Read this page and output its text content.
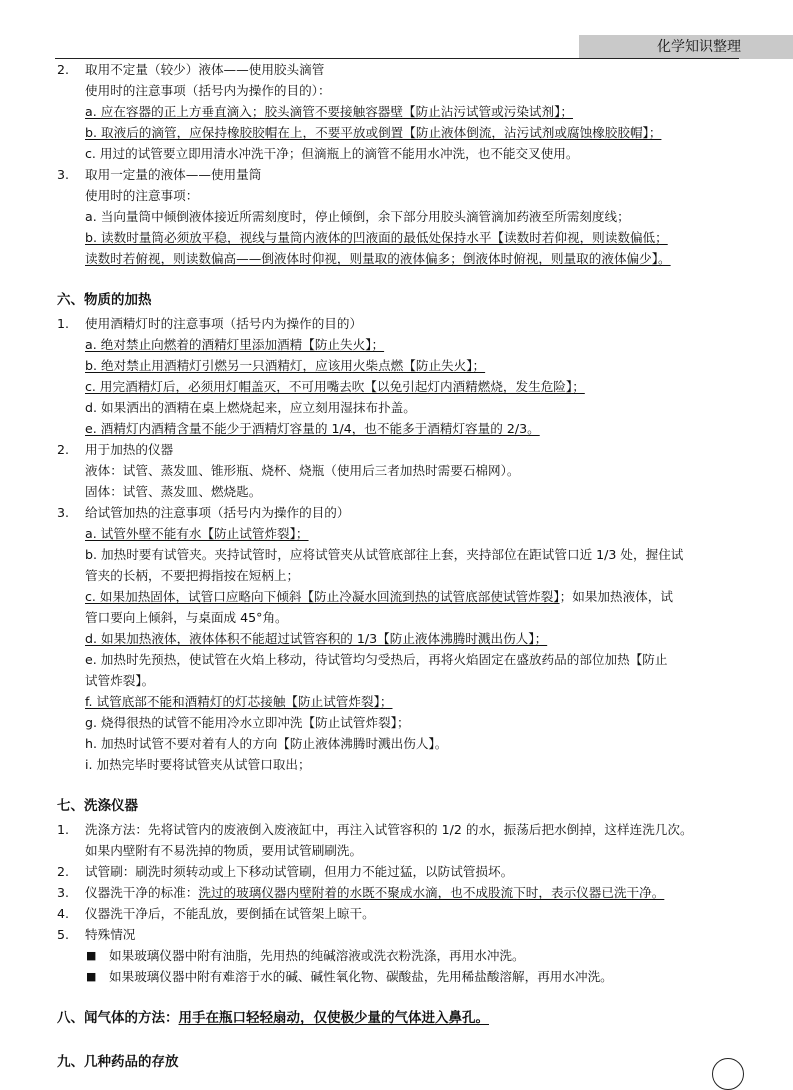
化学知识整理
2. 取用不定量（较少）液体——使用胶头滴管
使用时的注意事项（括号内为操作的目的）：
a. 应在容器的正上方垂直滴入；胶头滴管不要接触容器壁【防止沾污试管或污染试剂】；
b. 取液后的滴管，应保持橡胶胶帽在上，不要平放或倒置【防止液体倒流，沾污试剂或腐蚀橡胶胶帽】；
c. 用过的试管要立即用清水冲洗干净；但滴瓶上的滴管不能用水冲洗，也不能交叉使用。
3. 取用一定量的液体——使用量筒
使用时的注意事项：
a. 当向量筒中倾倒液体接近所需刻度时，停止倾倒，余下部分用胶头滴管滴加药液至所需刻度线；
b. 读数时量筒必须放平稳，视线与量筒内液体的凹液面的最低处保持水平【读数时若仰视，则读数偏低；
读数时若俯视，则读数偏高——倒液体时仰视，则量取的液体偏多；倒液体时俯视，则量取的液体偏少】。
六、物质的加热
1. 使用酒精灯时的注意事项（括号内为操作的目的）
a. 绝对禁止向燃着的酒精灯里添加酒精【防止失火】；
b. 绝对禁止用酒精灯引燃另一只酒精灯，应该用火柴点燃【防止失火】；
c. 用完酒精灯后，必须用灯帽盖灭，不可用嘴去吹【以免引起灯内酒精燃烧，发生危险】；
d. 如果洒出的酒精在桌上燃烧起来，应立刻用湿抹布扑盖。
e. 酒精灯内酒精含量不能少于酒精灯容量的 1/4，也不能多于酒精灯容量的 2/3。
2. 用于加热的仪器
液体：试管、蒸发皿、锥形瓶、烧杯、烧瓶（使用后三者加热时需要石棉网）。
固体：试管、蒸发皿、燃烧匙。
3. 给试管加热的注意事项（括号内为操作的目的）
a. 试管外壁不能有水【防止试管炸裂】；
b. 加热时要有试管夹。夹持试管时，应将试管夹从试管底部往上套，夹持部位在距试管口近 1/3 处，握住试
管夹的长柄，不要把拇指按在短柄上；
c. 如果加热固体，试管口应略向下倾斜【防止冷凝水回流到热的试管底部使试管炸裂】；如果加热液体，试
管口要向上倾斜，与桌面成 45°角。
d. 如果加热液体，液体体积不能超过试管容积的 1/3【防止液体沸腾时溅出伤人】；
e. 加热时先预热，使试管在火焰上移动，待试管均匀受热后，再将火焰固定在盛放药品的部位加热【防止
试管炸裂】。
f. 试管底部不能和酒精灯的灯芯接触【防止试管炸裂】；
g. 烧得很热的试管不能用冷水立即冲洗【防止试管炸裂】；
h. 加热时试管不要对着有人的方向【防止液体沸腾时溅出伤人】。
i. 加热完毕时要将试管夹从试管口取出；
七、洗涤仪器
1. 洗涤方法：先将试管内的废液倒入废液缸中，再注入试管容积的 1/2 的水，振荡后把水倒掉，这样连洗几次。
如果内壁附有不易洗掉的物质，要用试管刷刷洗。
2. 试管刷：刷洗时须转动或上下移动试管刷，但用力不能过猛，以防试管损坏。
3. 仪器洗干净的标准：洗过的玻璃仪器内壁附着的水既不聚成水滴，也不成股流下时，表示仪器已洗干净。
4. 仪器洗干净后，不能乱放，要倒插在试管架上晾干。
5. 特殊情况
■ 如果玻璃仪器中附有油脂，先用热的纯碱溶液或洗衣粉洗涤，再用水冲洗。
■ 如果玻璃仪器中附有难溶于水的碱、碱性氧化物、碳酸盐，先用稀盐酸溶解，再用水冲洗。
八、闻气体的方法：用手在瓶口轻轻扇动，仅使极少量的气体进入鼻孔。
九、几种药品的存放
